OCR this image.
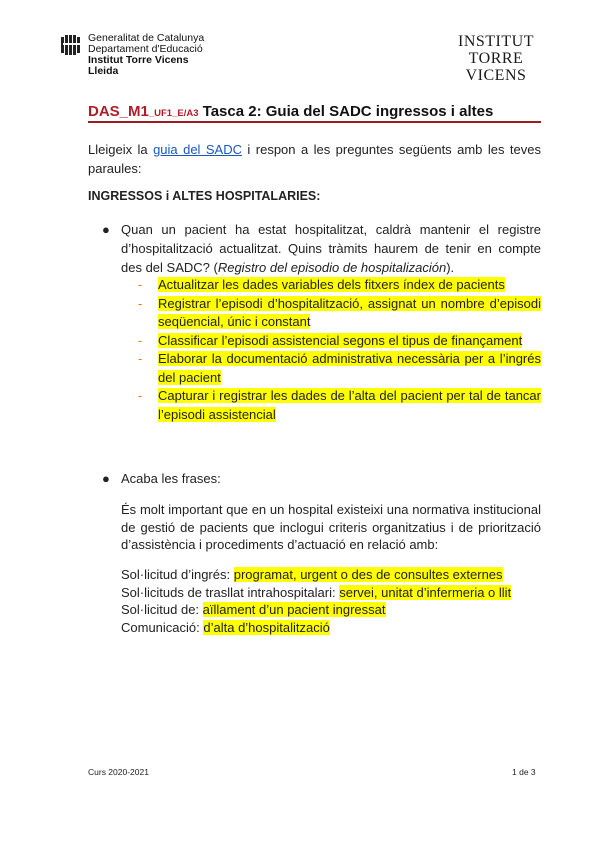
Generalitat de Catalunya
Departament d'Educació
Institut Torre Vicens
Lleida
INSTITUT
TORRE VICENS
DAS_M1_UF1_E/A3 Tasca 2: Guia del SADC ingressos i altes
Lleigeix la guia del SADC i respon a les preguntes següents amb les teves paraules:
INGRESSOS i ALTES HOSPITALARIES:
● Quan un pacient ha estat hospitalitzat, caldrà mantenir el registre d’hospitalització actualitzat. Quins tràmits haurem de tenir en compte des del SADC? (Registro del episodio de hospitalización).
- Actualitzar les dades variables dels fitxers índex de pacients
- Registrar l’episodi d’hospitalització, assignat un nombre d’episodi seqüencial, únic i constant
- Classificar l’episodi assistencial segons el tipus de finançament
- Elaborar la documentació administrativa necessària per a l’ingrés del pacient
- Capturar i registrar les dades de l’alta del pacient per tal de tancar l’episodi assistencial
● Acaba les frases:
És molt important que en un hospital existeixi una normativa institucional de gestió de pacients que inclogui criteris organitzatius i de priorització d’assistència i procediments d’actuació en relació amb:
Sol·licitud d’ingrés: programat, urgent o des de consultes externes
Sol·licituds de trasllat intrahospitalari: servei, unitat d’infermeria o llit
Sol·licitud de: aïllament d’un pacient ingressat
Comunicació: d’alta d’hospitalització
Curs 2020-2021	1 de 3
